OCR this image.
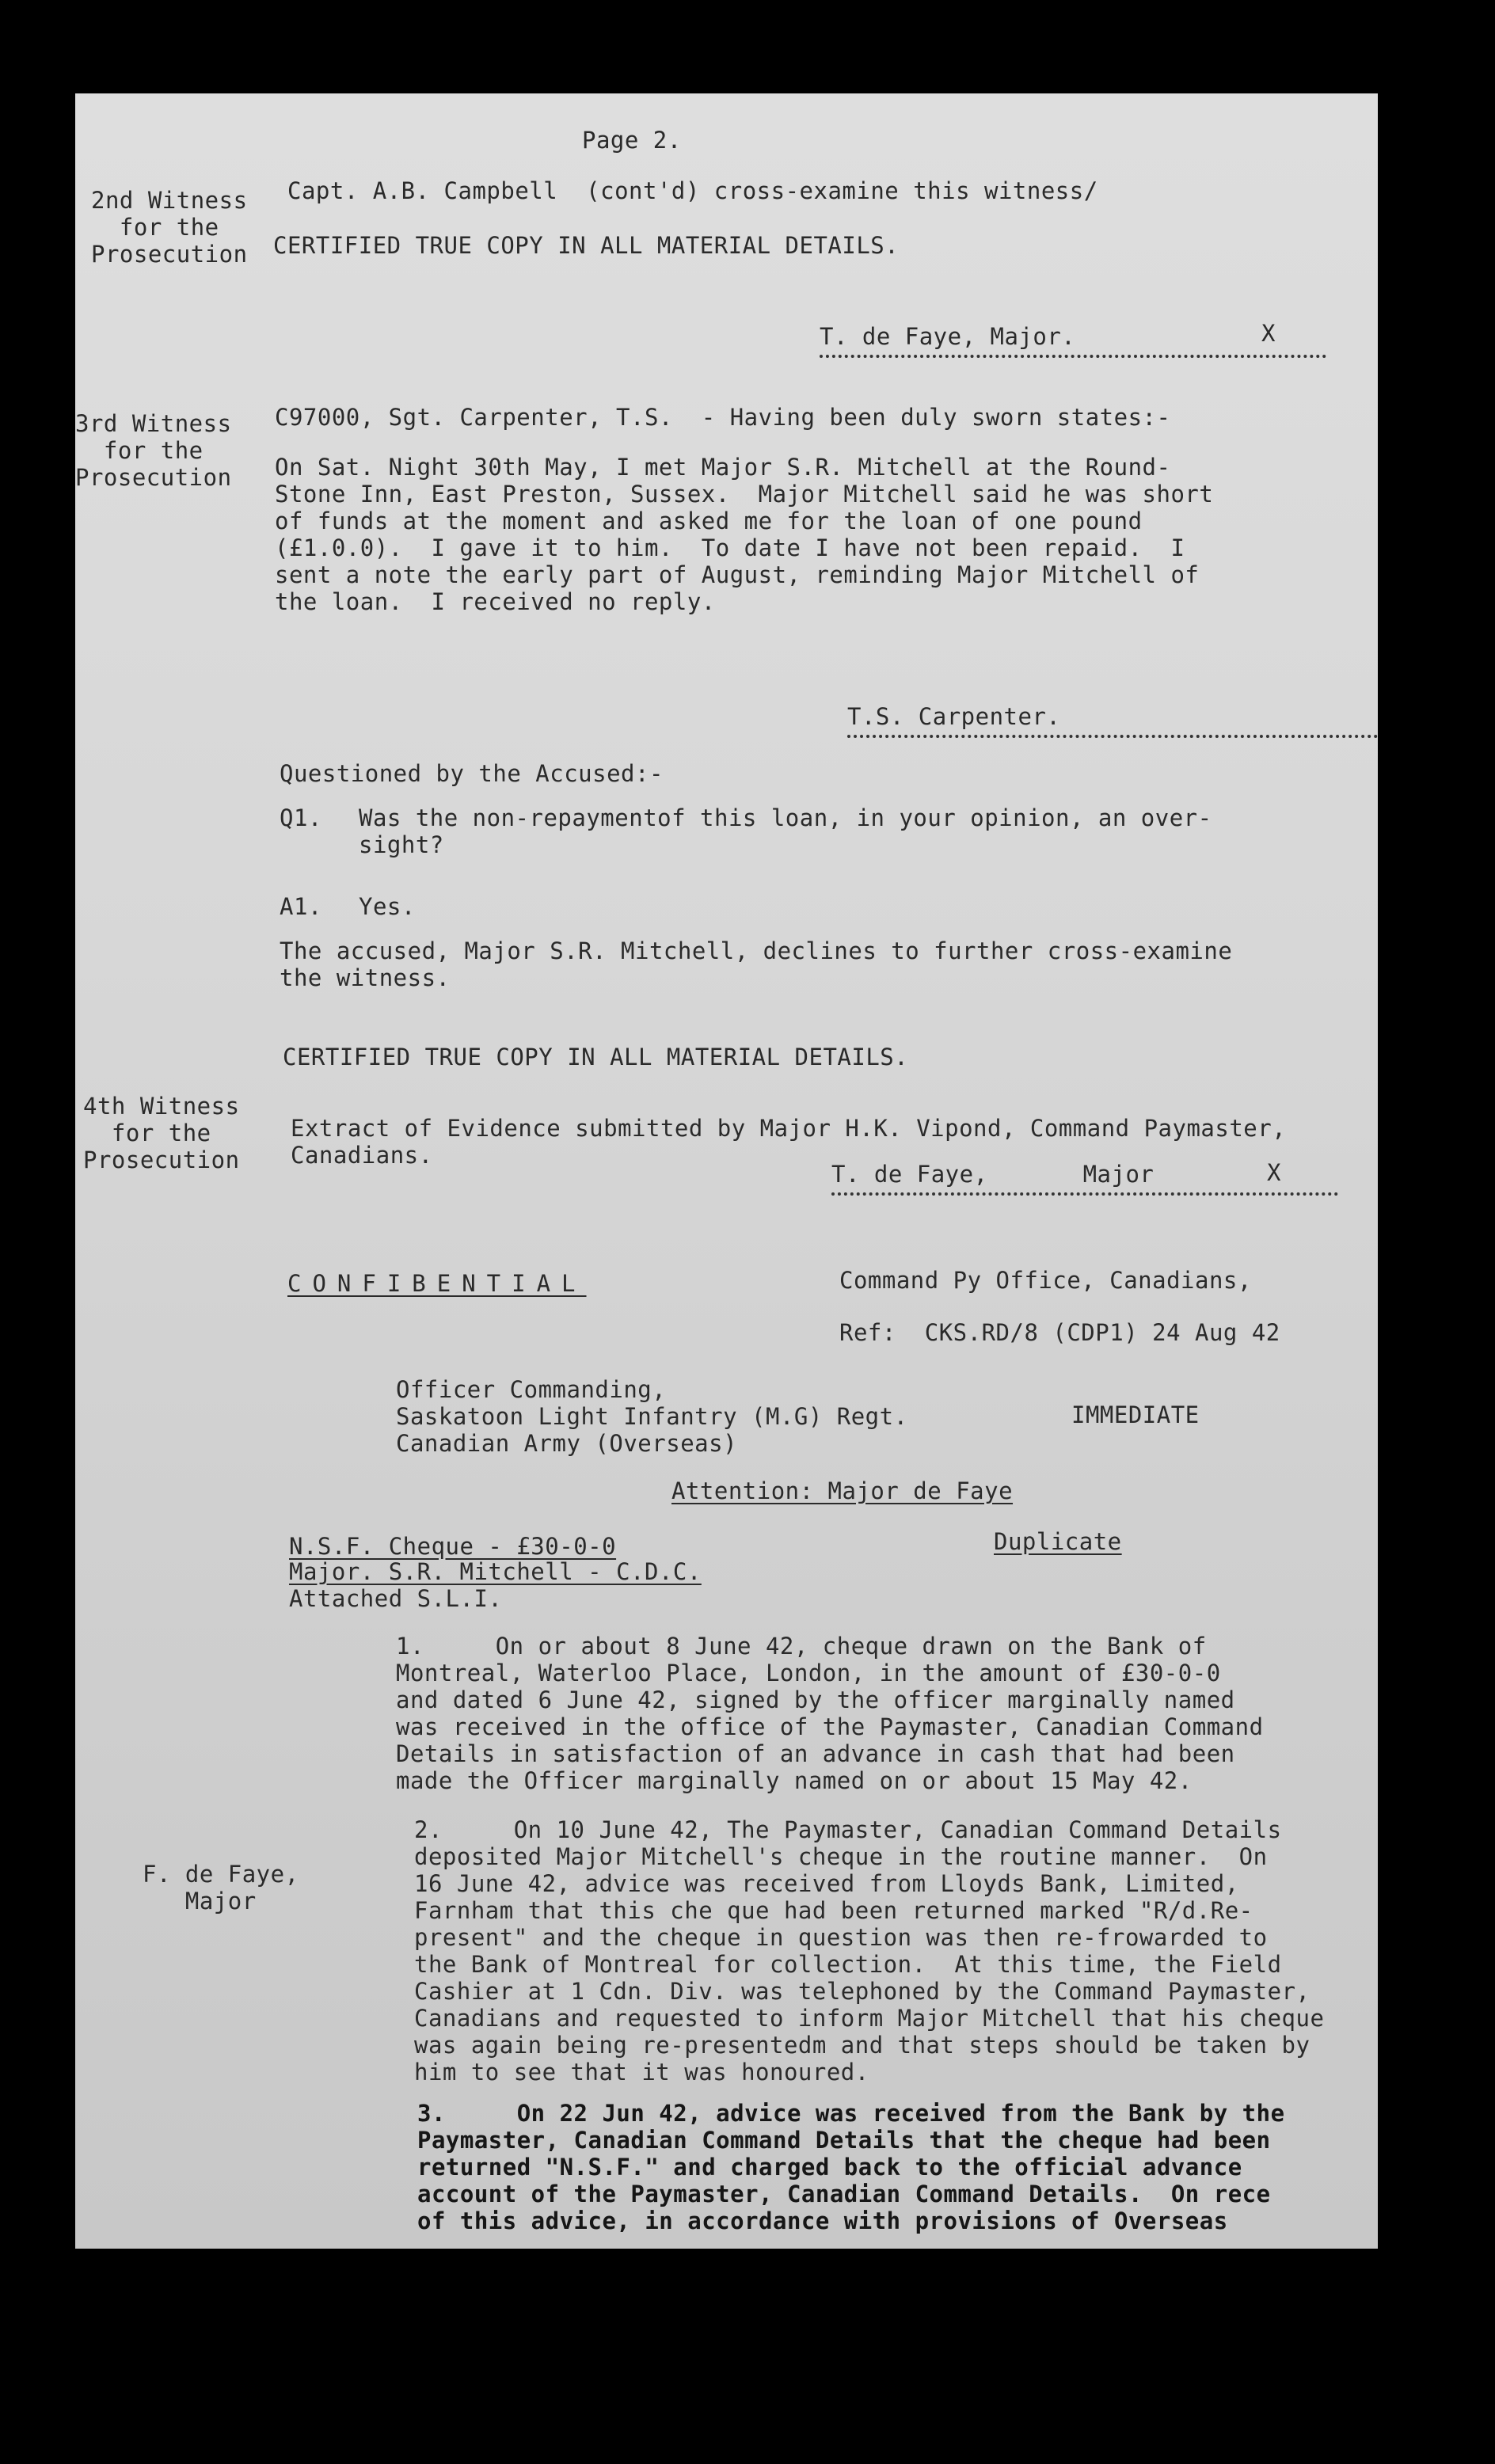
Page 2.
2nd Witness
for the
Prosecution
Capt. A.B. Campbell  (cont'd) cross-examine this witness/
CERTIFIED TRUE COPY IN ALL MATERIAL DETAILS.
T. de Faye, Major.	X
3rd Witness
for the
Prosecution
C97000, Sgt. Carpenter, T.S.  - Having been duly sworn states:-
On Sat. Night 30th May, I met Major S.R. Mitchell at the Round-
Stone Inn, East Preston, Sussex.  Major Mitchell said he was short
of funds at the moment and asked me for the loan of one pound
(£1.0.0).  I gave it to him.  To date I have not been repaid.  I
sent a note the early part of August, reminding Major Mitchell of
the loan.  I received no reply.
T.S. Carpenter.
Questioned by the Accused:-
Q1. Was the non-repaymentof this loan, in your opinion, an over-
sight?
A1. Yes.
The accused, Major S.R. Mitchell, declines to further cross-examine
the witness.
CERTIFIED TRUE COPY IN ALL MATERIAL DETAILS.
4th Witness
for the
Prosecution
Extract of Evidence submitted by Major H.K. Vipond, Command Paymaster,
Canadians.
T. de Faye,	Major	X
CONFIBENTIAL	Command Py Office, Canadians,
Ref:  CKS.RD/8 (CDP1) 24 Aug 42
Officer Commanding,
Saskatoon Light Infantry (M.G) Regt.
Canadian Army (Overseas)
IMMEDIATE
Attention: Major de Faye
N.S.F. Cheque - £30-0-0
Major. S.R. Mitchell - C.D.C.
Attached S.L.I.
Duplicate
1.     On or about 8 June 42, cheque drawn on the Bank of
Montreal, Waterloo Place, London, in the amount of £30-0-0
and dated 6 June 42, signed by the officer marginally named
was received in the office of the Paymaster, Canadian Command
Details in satisfaction of an advance in cash that had been
made the Officer marginally named on or about 15 May 42.
F. de Faye,
Major
2.     On 10 June 42, The Paymaster, Canadian Command Details
deposited Major Mitchell's cheque in the routine manner.  On
16 June 42, advice was received from Lloyds Bank, Limited,
Farnham that this che que had been returned marked "R/d.Re-
present" and the cheque in question was then re-frowarded to
the Bank of Montreal for collection.  At this time, the Field
Cashier at 1 Cdn. Div. was telephoned by the Command Paymaster,
Canadians and requested to inform Major Mitchell that his cheque
was again being re-presentedm and that steps should be taken by
him to see that it was honoured.
3.     On 22 Jun 42, advice was received from the Bank by the
Paymaster, Canadian Command Details that the cheque had been
returned "N.S.F." and charged back to the official advance
account of the Paymaster, Canadian Command Details.  On rece
of this advice, in accordance with provisions of Overseas
